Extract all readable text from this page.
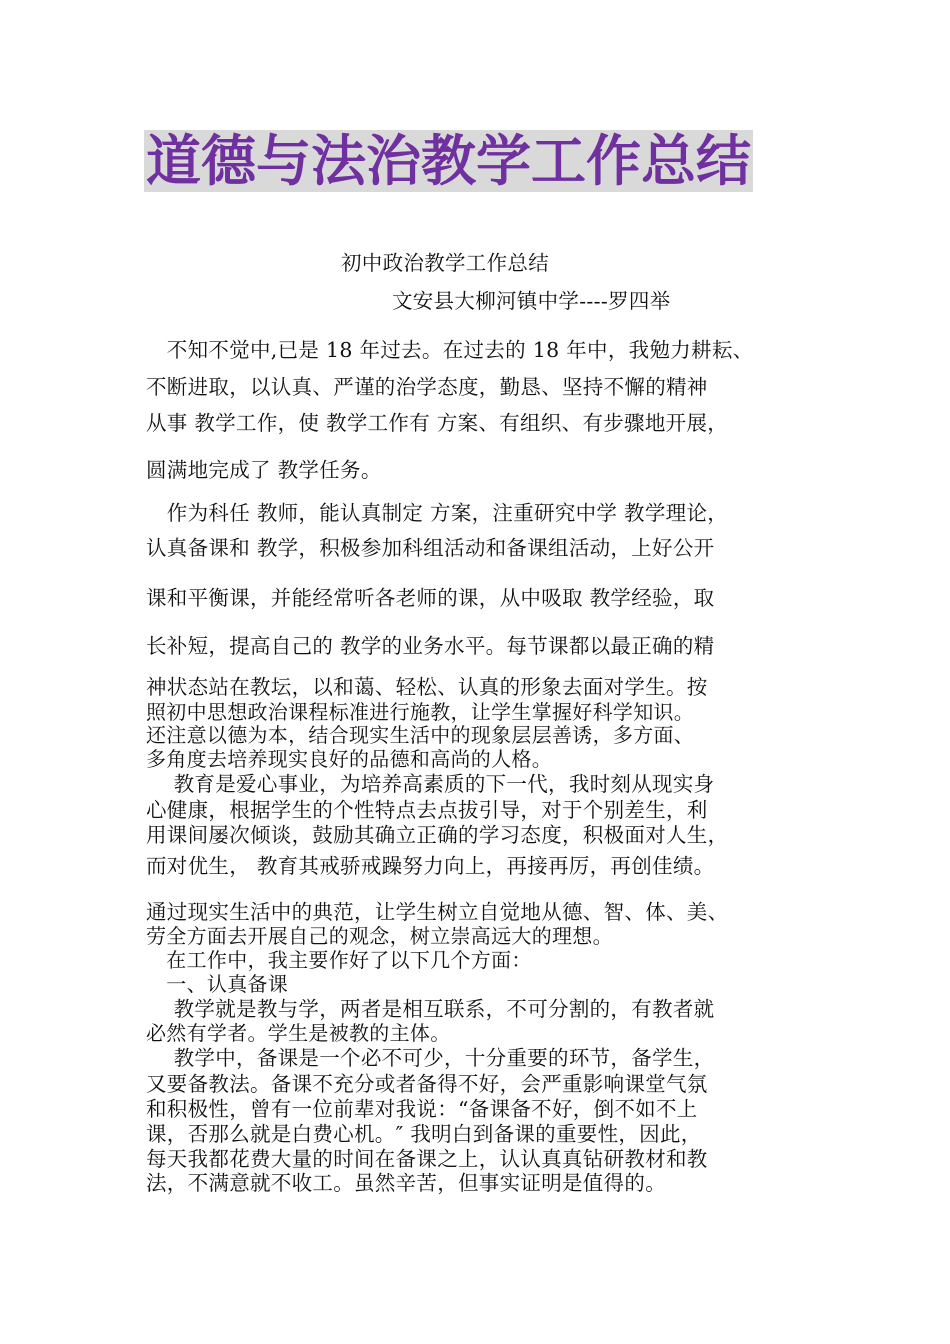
道德与法治教学工作总结
初中政治教学工作总结
文安县大柳河镇中学----罗四举
　不知不觉中,已是 18 年过去。在过去的 18 年中，我勉力耕耘、
不断进取，以认真、严谨的治学态度，勤恳、坚持不懈的精神
从事 教学工作，使 教学工作有 方案、有组织、有步骤地开展，
圆满地完成了 教学任务。
　作为科任 教师，能认真制定 方案，注重研究中学 教学理论，
认真备课和 教学，积极参加科组活动和备课组活动，上好公开
课和平衡课，并能经常听各老师的课，从中吸取 教学经验，取
长补短，提高自己的 教学的业务水平。每节课都以最正确的精
神状态站在教坛，以和蔼、轻松、认真的形象去面对学生。按
照初中思想政治课程标准进行施教，让学生掌握好科学知识。
还注意以德为本，结合现实生活中的现象层层善诱，多方面、
多角度去培养现实良好的品德和高尚的人格。
　 教育是爱心事业，为培养高素质的下一代，我时刻从现实身
心健康，根据学生的个性特点去点拔引导，对于个别差生，利
用课间屡次倾谈，鼓励其确立正确的学习态度，积极面对人生，
而对优生， 教育其戒骄戒躁努力向上，再接再厉，再创佳绩。
通过现实生活中的典范，让学生树立自觉地从德、智、体、美、
劳全方面去开展自己的观念，树立崇高远大的理想。
　在工作中，我主要作好了以下几个方面：
　一、认真备课
　 教学就是教与学，两者是相互联系，不可分割的，有教者就
必然有学者。学生是被教的主体。
　 教学中，备课是一个必不可少，十分重要的环节，备学生，
又要备教法。备课不充分或者备得不好，会严重影响课堂气氛
和积极性，曾有一位前辈对我说：“备课备不好，倒不如不上
课，否那么就是白费心机。″ 我明白到备课的重要性，因此，
每天我都花费大量的时间在备课之上，认认真真钻研教材和教
法，不满意就不收工。虽然辛苦，但事实证明是值得的。
